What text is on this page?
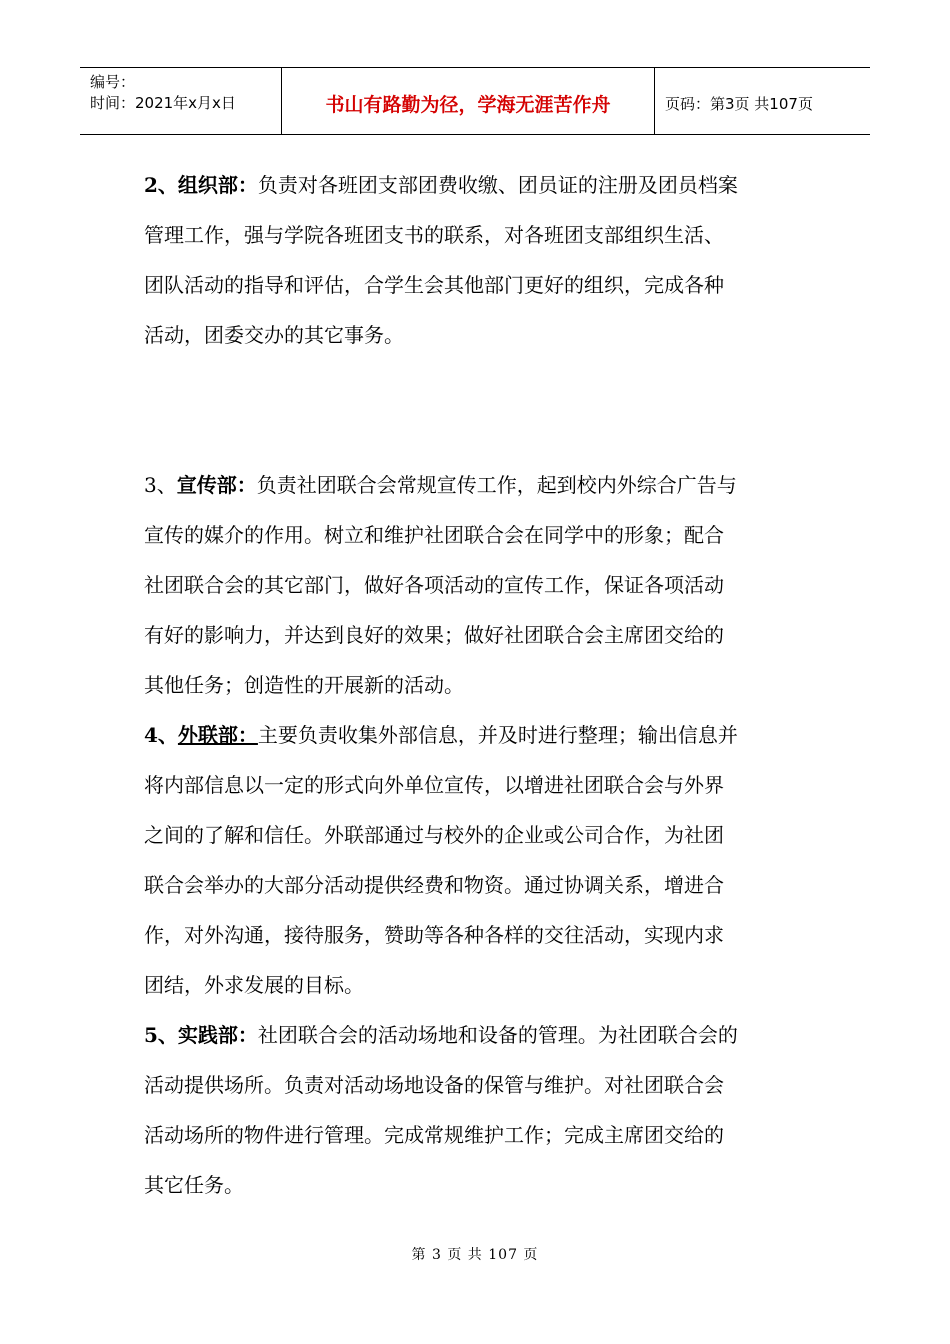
编号：
时间：2021年x月x日	书山有路勤为径，学海无涯苦作舟	页码：第3页 共107页
2、组织部：负责对各班团支部团费收缴、团员证的注册及团员档案
管理工作，强与学院各班团支书的联系，对各班团支部组织生活、
团队活动的指导和评估，合学生会其他部门更好的组织，完成各种
活动，团委交办的其它事务。
3、宣传部：负责社团联合会常规宣传工作，起到校内外综合广告与
宣传的媒介的作用。树立和维护社团联合会在同学中的形象；配合
社团联合会的其它部门，做好各项活动的宣传工作，保证各项活动
有好的影响力，并达到良好的效果；做好社团联合会主席团交给的
其他任务；创造性的开展新的活动。
4、外联部：主要负责收集外部信息，并及时进行整理；输出信息并
将内部信息以一定的形式向外单位宣传，以增进社团联合会与外界
之间的了解和信任。外联部通过与校外的企业或公司合作，为社团
联合会举办的大部分活动提供经费和物资。通过协调关系，增进合
作，对外沟通，接待服务，赞助等各种各样的交往活动，实现内求
团结，外求发展的目标。
5、实践部：社团联合会的活动场地和设备的管理。为社团联合会的
活动提供场所。负责对活动场地设备的保管与维护。对社团联合会
活动场所的物件进行管理。完成常规维护工作；完成主席团交给的
其它任务。
第 3 页 共 107 页
